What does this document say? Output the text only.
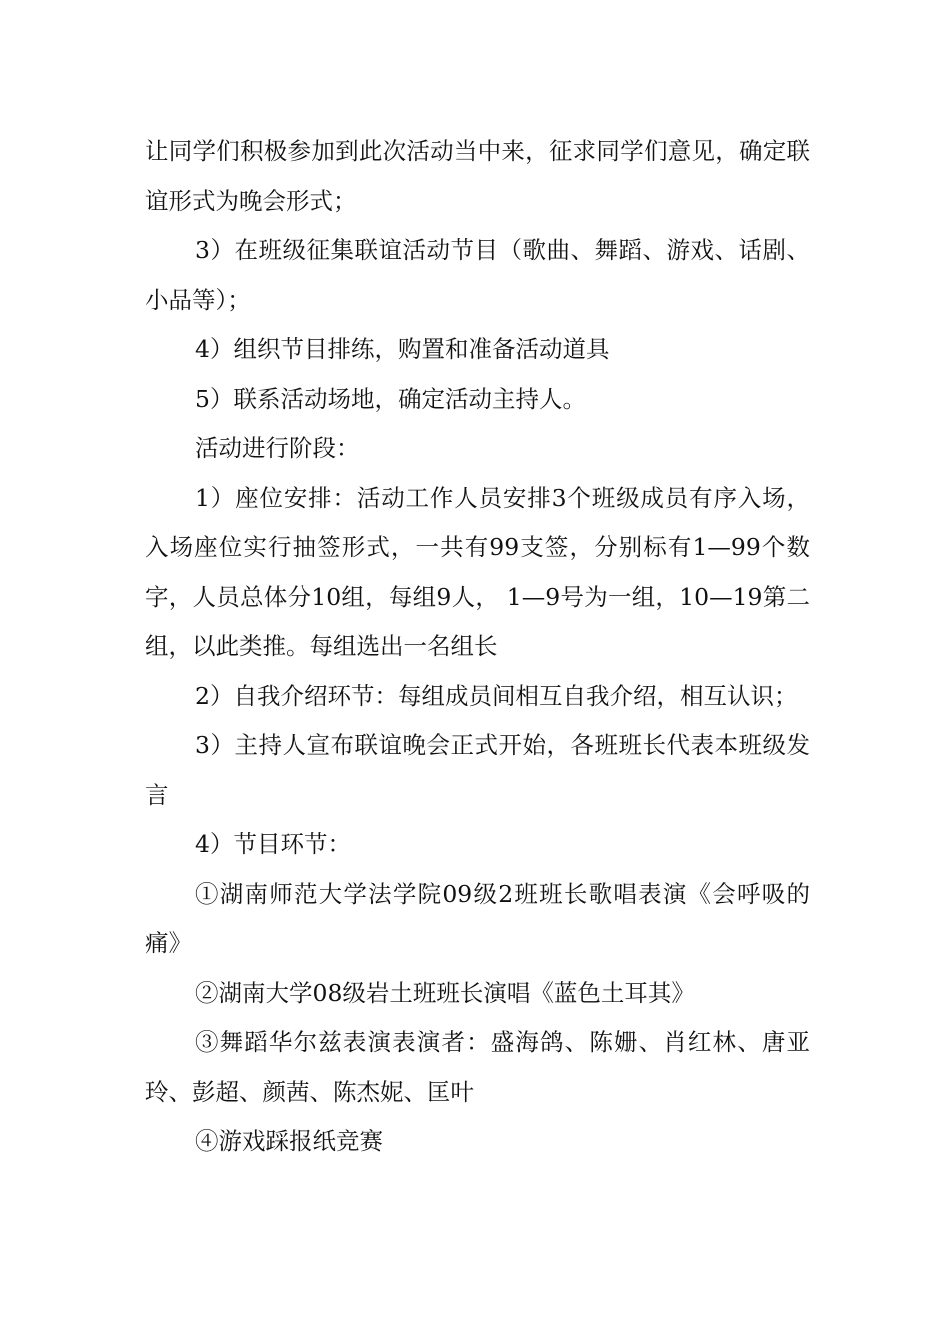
让同学们积极参加到此次活动当中来，征求同学们意见，确定联谊形式为晚会形式；

3）在班级征集联谊活动节目（歌曲、舞蹈、游戏、话剧、小品等）；

4）组织节目排练，购置和准备活动道具

5）联系活动场地，确定活动主持人。

活动进行阶段：

1）座位安排：活动工作人员安排3个班级成员有序入场，入场座位实行抽签形式，一共有99支签，分别标有1—99个数字，人员总体分10组，每组9人， 1—9号为一组，10—19第二组，以此类推。每组选出一名组长

2）自我介绍环节：每组成员间相互自我介绍，相互认识；

3）主持人宣布联谊晚会正式开始，各班班长代表本班级发言

4）节目环节：

①湖南师范大学法学院09级2班班长歌唱表演《会呼吸的痛》

②湖南大学08级岩土班班长演唱《蓝色土耳其》

③舞蹈华尔兹表演表演者：盛海鸽、陈姗、肖红林、唐亚玲、彭超、颜茜、陈杰妮、匡叶

④游戏踩报纸竞赛
